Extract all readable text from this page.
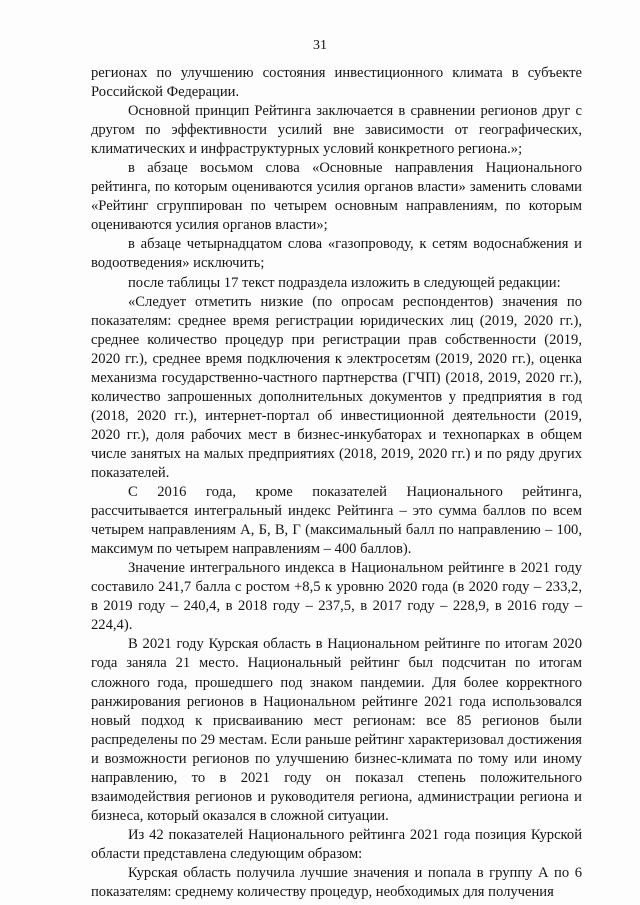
31

регионах по улучшению состояния инвестиционного климата в субъекте Российской Федерации.

Основной принцип Рейтинга заключается в сравнении регионов друг с другом по эффективности усилий вне зависимости от географических, климатических и инфраструктурных условий конкретного региона.»;

в абзаце восьмом слова «Основные направления Национального рейтинга, по которым оцениваются усилия органов власти» заменить словами «Рейтинг сгруппирован по четырем основным направлениям, по которым оцениваются усилия органов власти»;

в абзаце четырнадцатом слова «газопроводу, к сетям водоснабжения и водоотведения» исключить;

после таблицы 17 текст подраздела изложить в следующей редакции:

«Следует отметить низкие (по опросам респондентов) значения по показателям: среднее время регистрации юридических лиц (2019, 2020 гг.), среднее количество процедур при регистрации прав собственности (2019, 2020 гг.), среднее время подключения к электросетям (2019, 2020 гг.), оценка механизма государственно-частного партнерства (ГЧП) (2018, 2019, 2020 гг.), количество запрошенных дополнительных документов у предприятия в год (2018, 2020 гг.), интернет-портал об инвестиционной деятельности (2019, 2020 гг.), доля рабочих мест в бизнес-инкубаторах и технопарках в общем числе занятых на малых предприятиях (2018, 2019, 2020 гг.) и по ряду других показателей.

С 2016 года, кроме показателей Национального рейтинга, рассчитывается интегральный индекс Рейтинга – это сумма баллов по всем четырем направлениям А, Б, В, Г (максимальный балл по направлению – 100, максимум по четырем направлениям – 400 баллов).

Значение интегрального индекса в Национальном рейтинге в 2021 году составило 241,7 балла с ростом +8,5 к уровню 2020 года (в 2020 году – 233,2, в 2019 году – 240,4, в 2018 году – 237,5, в 2017 году – 228,9, в 2016 году – 224,4).

В 2021 году Курская область в Национальном рейтинге по итогам 2020 года заняла 21 место. Национальный рейтинг был подсчитан по итогам сложного года, прошедшего под знаком пандемии. Для более корректного ранжирования регионов в Национальном рейтинге 2021 года использовался новый подход к присваиванию мест регионам: все 85 регионов были распределены по 29 местам. Если раньше рейтинг характеризовал достижения и возможности регионов по улучшению бизнес-климата по тому или иному направлению, то в 2021 году он показал степень положительного взаимодействия регионов и руководителя региона, администрации региона и бизнеса, который оказался в сложной ситуации.

Из 42 показателей Национального рейтинга 2021 года позиция Курской области представлена следующим образом:

Курская область получила лучшие значения и попала в группу А по 6 показателям: среднему количеству процедур, необходимых для получения
